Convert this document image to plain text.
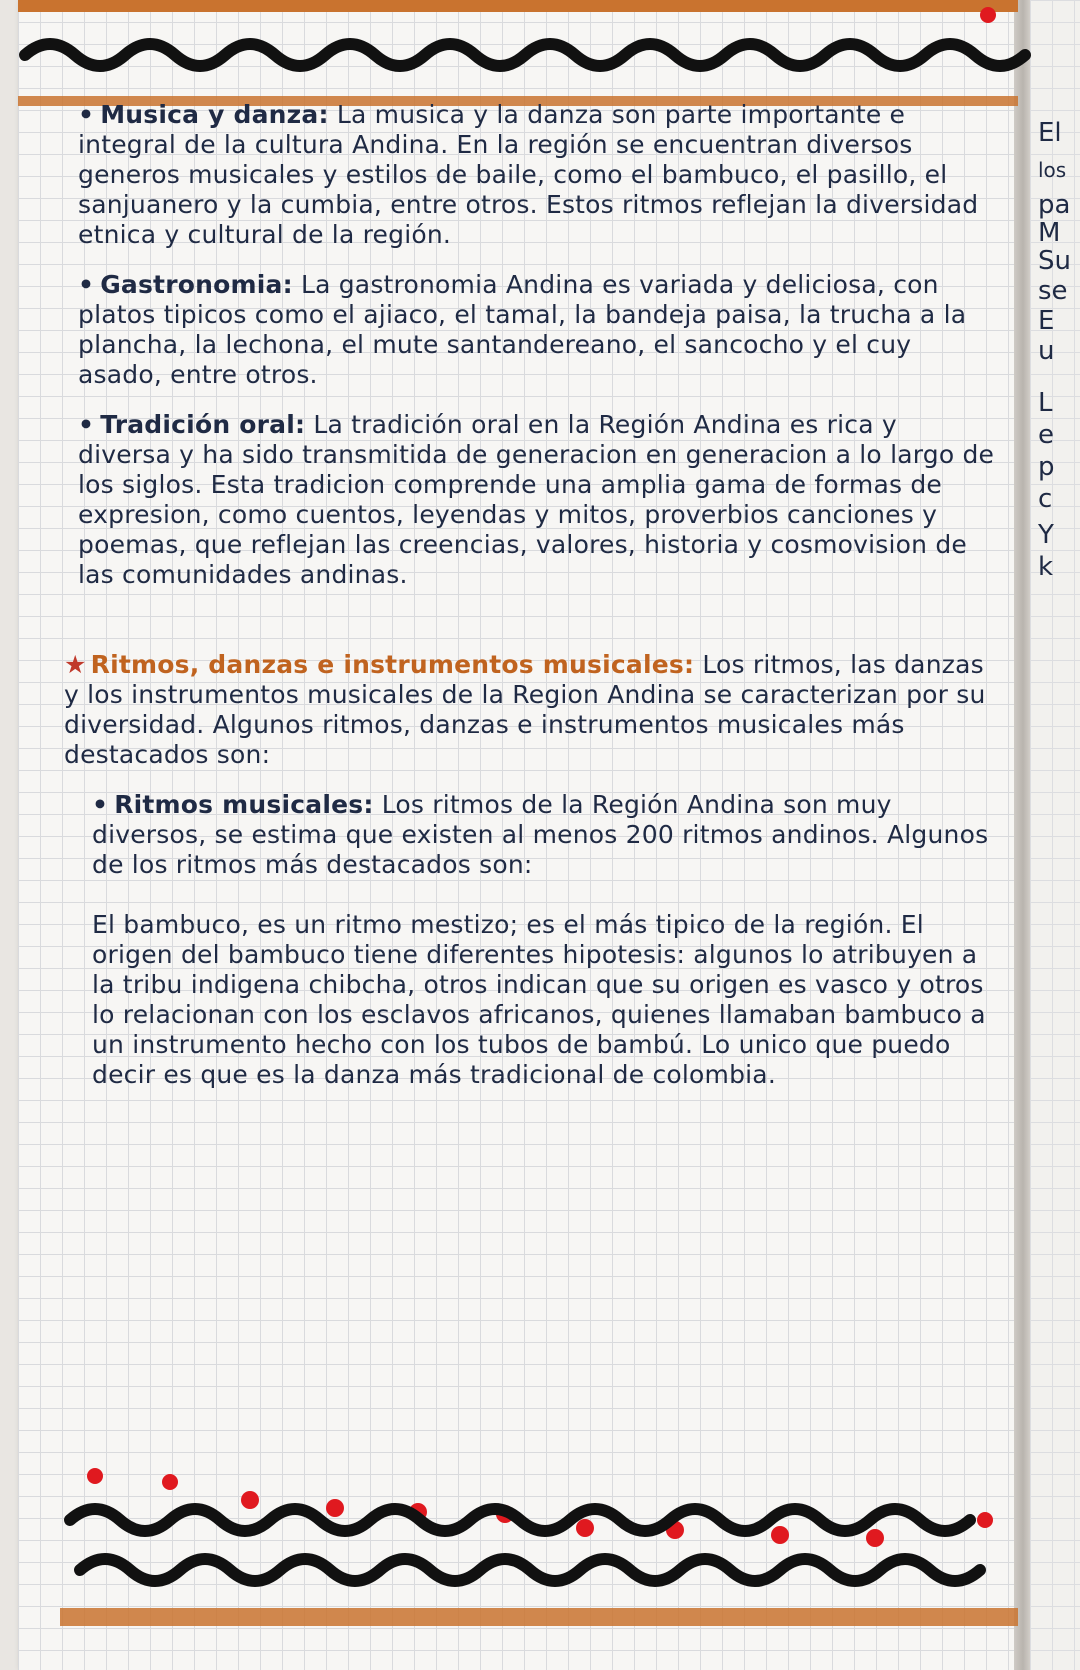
El
los
pa
M
Su
se
E
u
L
e
p
c
Y
k

• Musica y danza: La musica y la danza son parte importante e integral de la cultura Andina. En la región se encuentran diversos generos musicales y estilos de baile, como el bambuco, el pasillo, el sanjuanero y la cumbia, entre otros. Estos ritmos reflejan la diversidad etnica y cultural de la región.

• Gastronomia: La gastronomia Andina es variada y deliciosa, con platos tipicos como el ajiaco, el tamal, la bandeja paisa, la trucha a la plancha, la lechona, el mute santandereano, el sancocho y el cuy asado, entre otros.

• Tradición oral: La tradición oral en la Región Andina es rica y diversa y ha sido transmitida de generacion en generacion a lo largo de los siglos. Esta tradicion comprende una amplia gama de formas de expresion, como cuentos, leyendas y mitos, proverbios canciones y poemas, que reflejan las creencias, valores, historia y cosmovision de las comunidades andinas.

★ Ritmos, danzas e instrumentos musicales: Los ritmos, las danzas y los instrumentos musicales de la Region Andina se caracterizan por su diversidad. Algunos ritmos, danzas e instrumentos musicales más destacados son:

• Ritmos musicales: Los ritmos de la Región Andina son muy diversos, se estima que existen al menos 200 ritmos andinos. Algunos de los ritmos más destacados son:

El bambuco, es un ritmo mestizo; es el más tipico de la región. El origen del bambuco tiene diferentes hipotesis: algunos lo atribuyen a la tribu indigena chibcha, otros indican que su origen es vasco y otros lo relacionan con los esclavos africanos, quienes llamaban bambuco a un instrumento hecho con los tubos de bambú. Lo unico que puedo decir es que es la danza más tradicional de colombia.
